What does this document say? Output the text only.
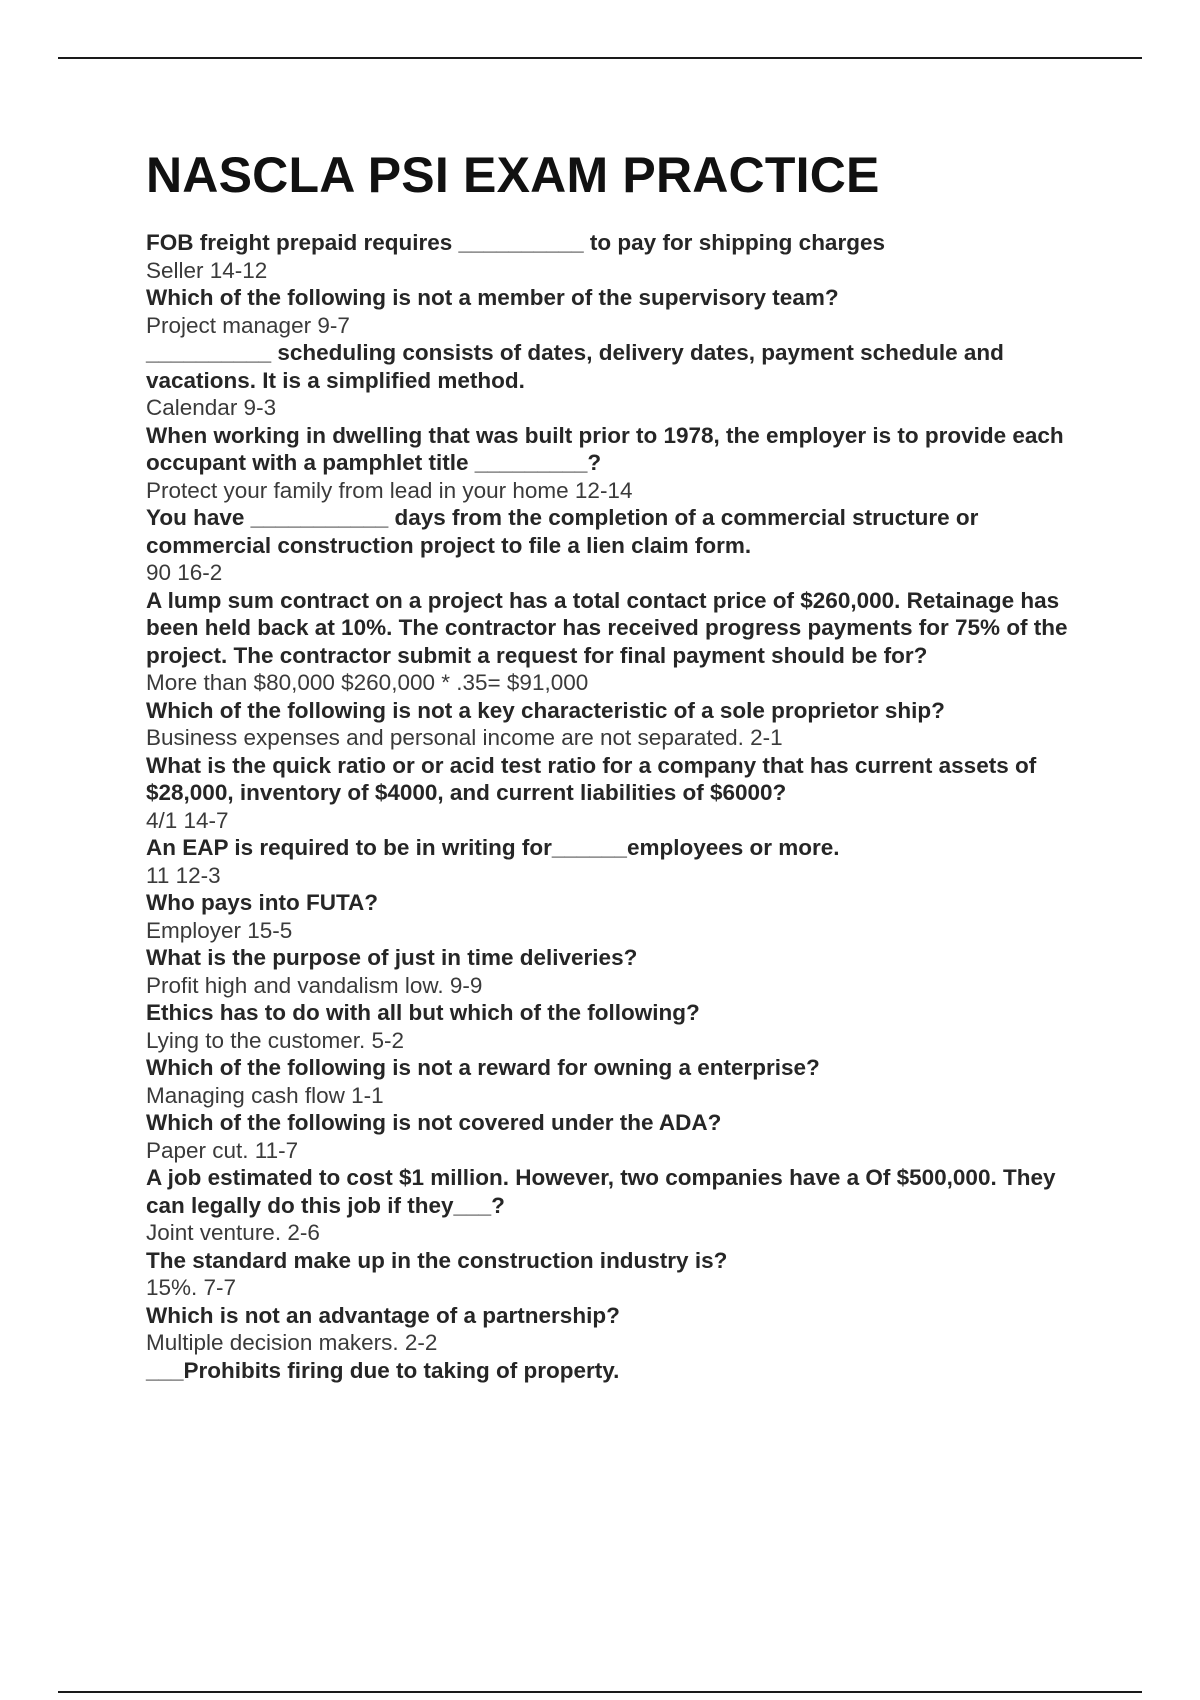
NASCLA PSI EXAM PRACTICE
FOB freight prepaid requires __________ to pay for shipping charges
Seller 14-12
Which of the following is not a member of the supervisory team?
Project manager 9-7
__________ scheduling consists of dates, delivery dates, payment schedule and vacations. It is a simplified method.
Calendar 9-3
When working in dwelling that was built prior to 1978, the employer is to provide each occupant with a pamphlet title _________?
Protect your family from lead in your home 12-14
You have ___________ days from the completion of a commercial structure or commercial construction project to file a lien claim form.
90 16-2
A lump sum contract on a project has a total contact price of $260,000. Retainage has been held back at 10%. The contractor has received progress payments for 75% of the project. The contractor submit a request for final payment should be for?
More than $80,000 $260,000 * .35= $91,000
Which of the following is not a key characteristic of a sole proprietor ship?
Business expenses and personal income are not separated. 2-1
What is the quick ratio or or acid test ratio for a company that has current assets of $28,000, inventory of $4000, and current liabilities of $6000?
4/1 14-7
An EAP is required to be in writing for______employees or more.
11 12-3
Who pays into FUTA?
Employer 15-5
What is the purpose of just in time deliveries?
Profit high and vandalism low. 9-9
Ethics has to do with all but which of the following?
Lying to the customer. 5-2
Which of the following is not a reward for owning a enterprise?
Managing cash flow 1-1
Which of the following is not covered under the ADA?
Paper cut. 11-7
A job estimated to cost $1 million. However, two companies have a Of $500,000. They can legally do this job if they___?
Joint venture. 2-6
The standard make up in the construction industry is?
15%. 7-7
Which is not an advantage of a partnership?
Multiple decision makers. 2-2
___Prohibits firing due to taking of property.
